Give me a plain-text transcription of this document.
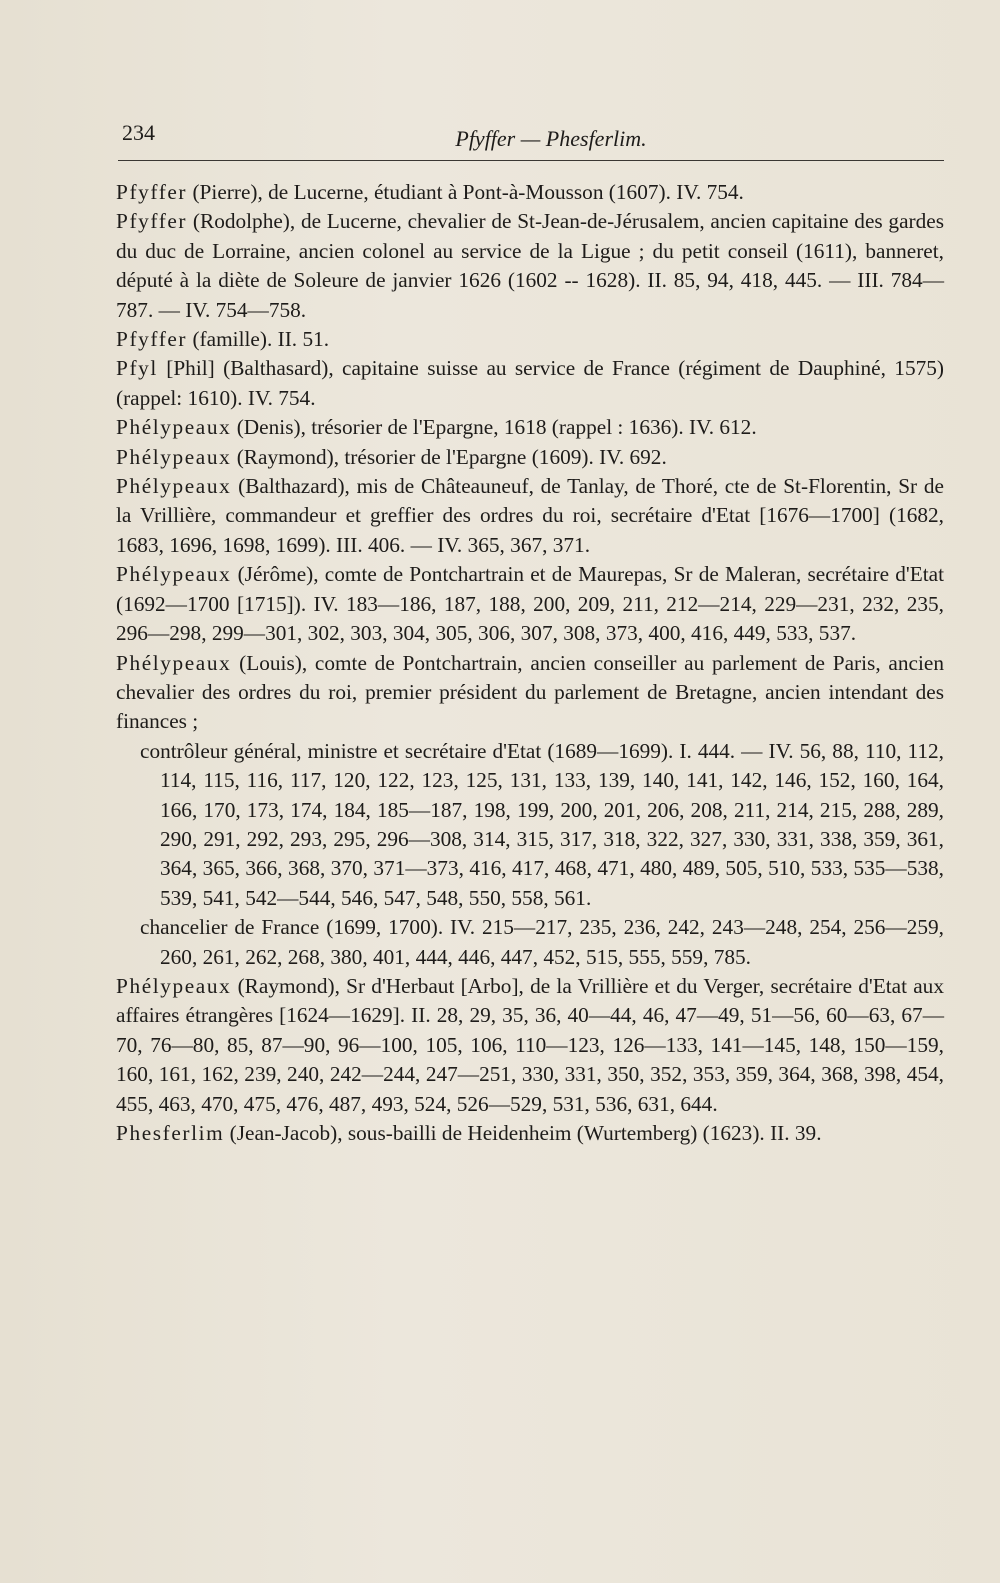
234	Pfyffer — Phesferlim.

Pfyffer (Pierre), de Lucerne, étudiant à Pont-à-Mousson (1607). IV. 754.

Pfyffer (Rodolphe), de Lucerne, chevalier de St-Jean-de-Jérusalem, ancien capitaine des gardes du duc de Lorraine, ancien colonel au service de la Ligue ; du petit conseil (1611), banneret, député à la diète de Soleure de janvier 1626 (1602 -- 1628). II. 85, 94, 418, 445. — III. 784—787. — IV. 754—758.

Pfyffer (famille). II. 51.

Pfyl [Phil] (Balthasard), capitaine suisse au service de France (régiment de Dauphiné, 1575) (rappel: 1610). IV. 754.

Phélypeaux (Denis), trésorier de l'Epargne, 1618 (rappel : 1636). IV. 612.

Phélypeaux (Raymond), trésorier de l'Epargne (1609). IV. 692.

Phélypeaux (Balthazard), mis de Châteauneuf, de Tanlay, de Thoré, cte de St-Florentin, Sr de la Vrillière, commandeur et greffier des ordres du roi, secrétaire d'Etat [1676—1700] (1682, 1683, 1696, 1698, 1699). III. 406. — IV. 365, 367, 371.

Phélypeaux (Jérôme), comte de Pontchartrain et de Maurepas, Sr de Maleran, secrétaire d'Etat (1692—1700 [1715]). IV. 183—186, 187, 188, 200, 209, 211, 212—214, 229—231, 232, 235, 296—298, 299—301, 302, 303, 304, 305, 306, 307, 308, 373, 400, 416, 449, 533, 537.

Phélypeaux (Louis), comte de Pontchartrain, ancien conseiller au parlement de Paris, ancien chevalier des ordres du roi, premier président du parlement de Bretagne, ancien intendant des finances ;

contrôleur général, ministre et secrétaire d'Etat (1689—1699). I. 444. — IV. 56, 88, 110, 112, 114, 115, 116, 117, 120, 122, 123, 125, 131, 133, 139, 140, 141, 142, 146, 152, 160, 164, 166, 170, 173, 174, 184, 185—187, 198, 199, 200, 201, 206, 208, 211, 214, 215, 288, 289, 290, 291, 292, 293, 295, 296—308, 314, 315, 317, 318, 322, 327, 330, 331, 338, 359, 361, 364, 365, 366, 368, 370, 371—373, 416, 417, 468, 471, 480, 489, 505, 510, 533, 535—538, 539, 541, 542—544, 546, 547, 548, 550, 558, 561.

chancelier de France (1699, 1700). IV. 215—217, 235, 236, 242, 243—248, 254, 256—259, 260, 261, 262, 268, 380, 401, 444, 446, 447, 452, 515, 555, 559, 785.

Phélypeaux (Raymond), Sr d'Herbaut [Arbo], de la Vrillière et du Verger, secrétaire d'Etat aux affaires étrangères [1624—1629]. II. 28, 29, 35, 36, 40—44, 46, 47—49, 51—56, 60—63, 67—70, 76—80, 85, 87—90, 96—100, 105, 106, 110—123, 126—133, 141—145, 148, 150—159, 160, 161, 162, 239, 240, 242—244, 247—251, 330, 331, 350, 352, 353, 359, 364, 368, 398, 454, 455, 463, 470, 475, 476, 487, 493, 524, 526—529, 531, 536, 631, 644.

Phesferlim (Jean-Jacob), sous-bailli de Heidenheim (Wurtemberg) (1623). II. 39.
